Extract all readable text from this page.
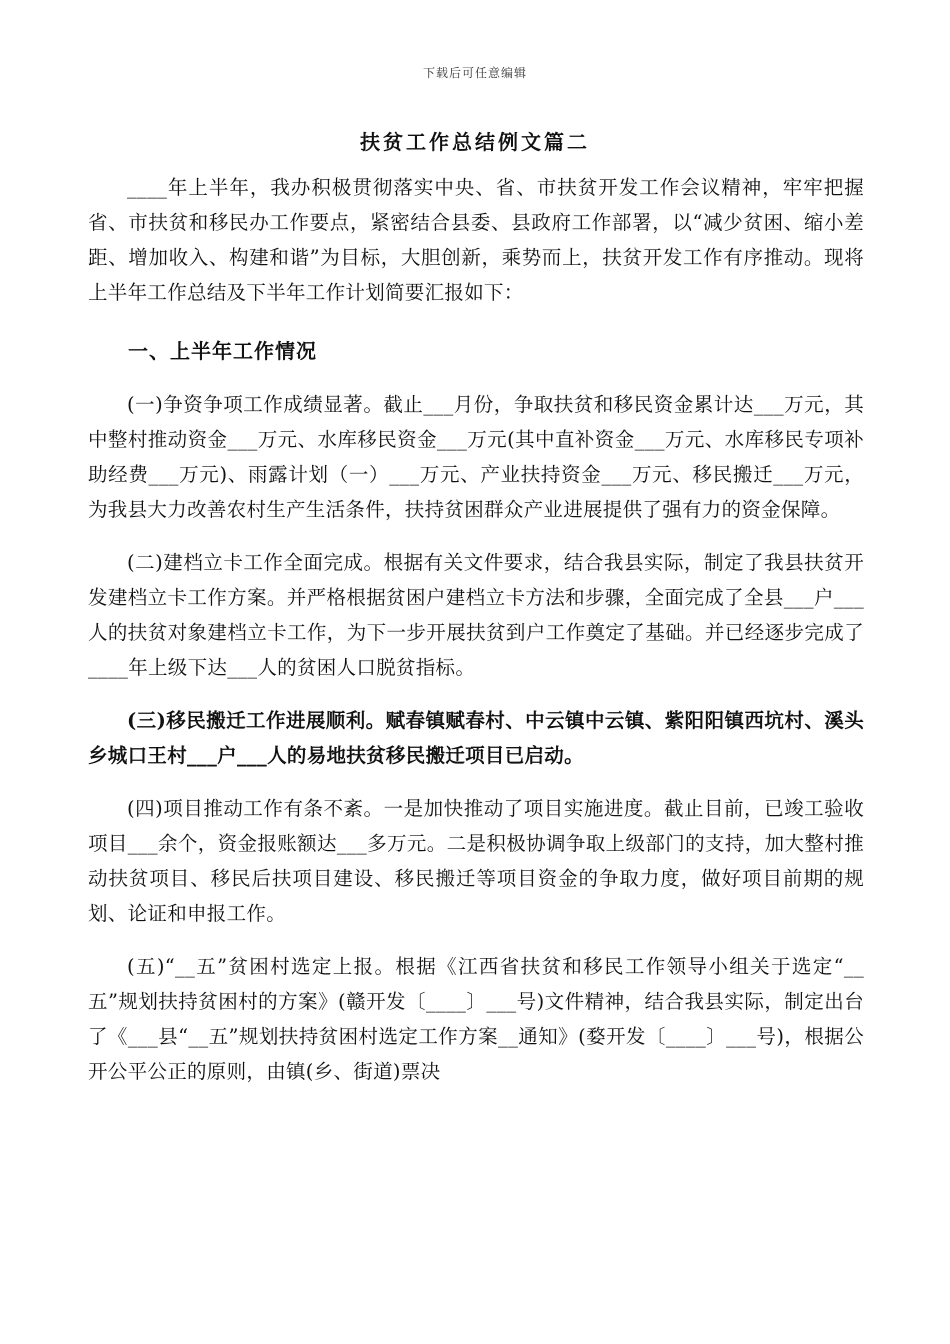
下载后可任意编辑
扶贫工作总结例文篇二

____年上半年，我办积极贯彻落实中央、省、市扶贫开发工作会议精神，牢牢把握省、市扶贫和移民办工作要点，紧密结合县委、县政府工作部署，以“减少贫困、缩小差距、增加收入、构建和谐”为目标，大胆创新，乘势而上，扶贫开发工作有序推动。现将上半年工作总结及下半年工作计划简要汇报如下：

一、上半年工作情况

(一)争资争项工作成绩显著。截止___月份，争取扶贫和移民资金累计达___万元，其中整村推动资金___万元、水库移民资金___万元(其中直补资金___万元、水库移民专项补助经费___万元)、雨露计划（一）___万元、产业扶持资金___万元、移民搬迁___万元，为我县大力改善农村生产生活条件，扶持贫困群众产业进展提供了强有力的资金保障。

(二)建档立卡工作全面完成。根据有关文件要求，结合我县实际，制定了我县扶贫开发建档立卡工作方案。并严格根据贫困户建档立卡方法和步骤，全面完成了全县___户___人的扶贫对象建档立卡工作，为下一步开展扶贫到户工作奠定了基础。并已经逐步完成了____年上级下达___人的贫困人口脱贫指标。

(三)移民搬迁工作进展顺利。赋春镇赋春村、中云镇中云镇、紫阳阳镇西坑村、溪头乡城口王村___户___人的易地扶贫移民搬迁项目已启动。

(四)项目推动工作有条不紊。一是加快推动了项目实施进度。截止目前，已竣工验收项目___余个，资金报账额达___多万元。二是积极协调争取上级部门的支持，加大整村推动扶贫项目、移民后扶项目建设、移民搬迁等项目资金的争取力度，做好项目前期的规划、论证和申报工作。

(五)“__五”贫困村选定上报。根据《江西省扶贫和移民工作领导小组关于选定“__五”规划扶持贫困村的方案》(赣开发〔____〕___号)文件精神，结合我县实际，制定出台了《___县“__五”规划扶持贫困村选定工作方案__通知》(婺开发〔____〕___号)，根据公开公平公正的原则，由镇(乡、街道)票决
